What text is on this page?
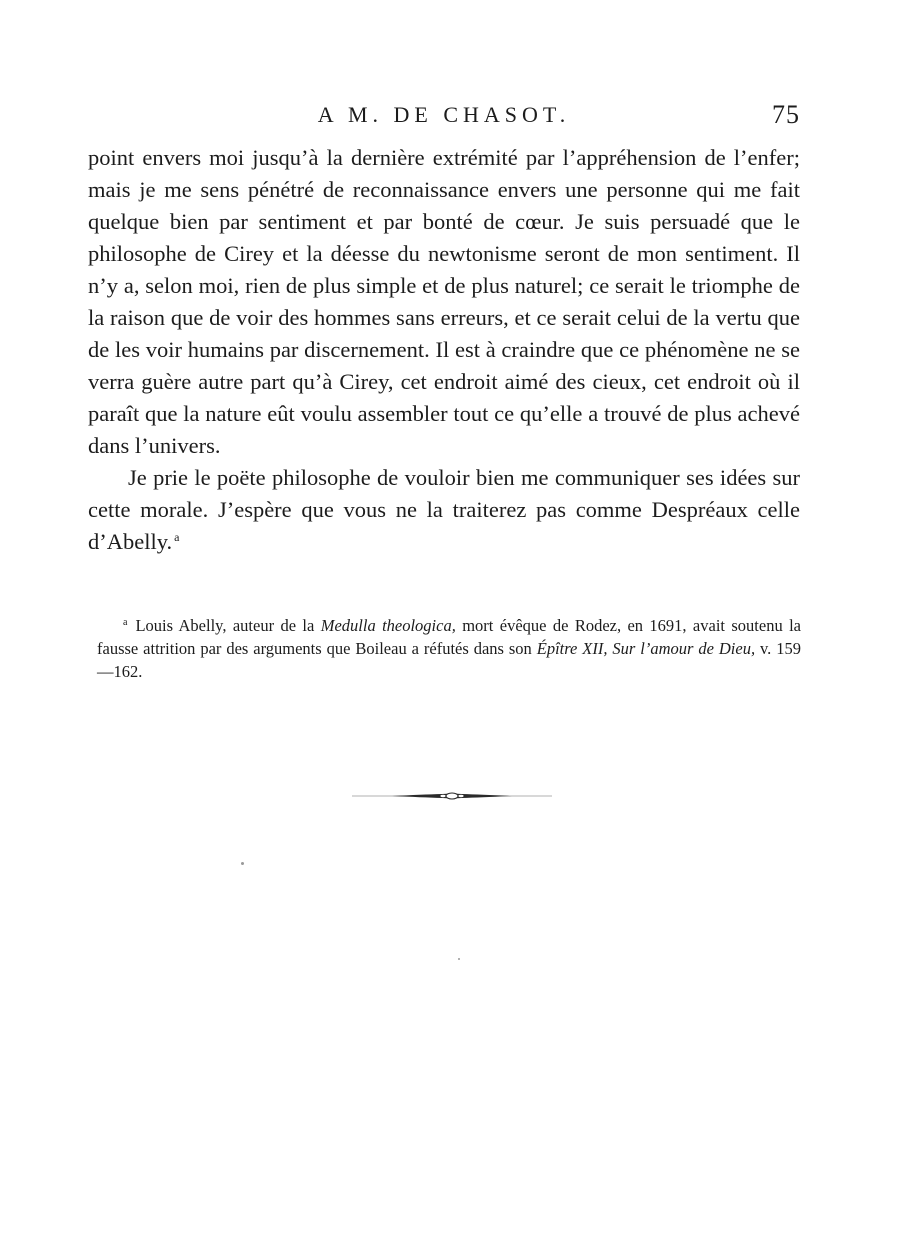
A M. DE CHASOT.	75

point envers moi jusqu’à la dernière extrémité par l’appréhension de l’enfer; mais je me sens pénétré de reconnaissance envers une personne qui me fait quelque bien par sentiment et par bonté de cœur. Je suis persuadé que le philosophe de Cirey et la déesse du newtonisme seront de mon sentiment. Il n’y a, selon moi, rien de plus simple et de plus naturel; ce serait le triomphe de la raison que de voir des hommes sans erreurs, et ce serait celui de la vertu que de les voir humains par discernement. Il est à craindre que ce phénomène ne se verra guère autre part qu’à Cirey, cet endroit aimé des cieux, cet endroit où il paraît que la nature eût voulu assembler tout ce qu’elle a trouvé de plus achevé dans l’univers.

Je prie le poëte philosophe de vouloir bien me communiquer ses idées sur cette morale. J’espère que vous ne la traiterez pas comme Despréaux celle d’Abelly. $^a$

$^a$ Louis Abelly, auteur de la Medulla theologica, mort évêque de Rodez, en 1691, avait soutenu la fausse attrition par des arguments que Boileau a réfutés dans son Épître XII, Sur l’amour de Dieu, v. 159—162.
